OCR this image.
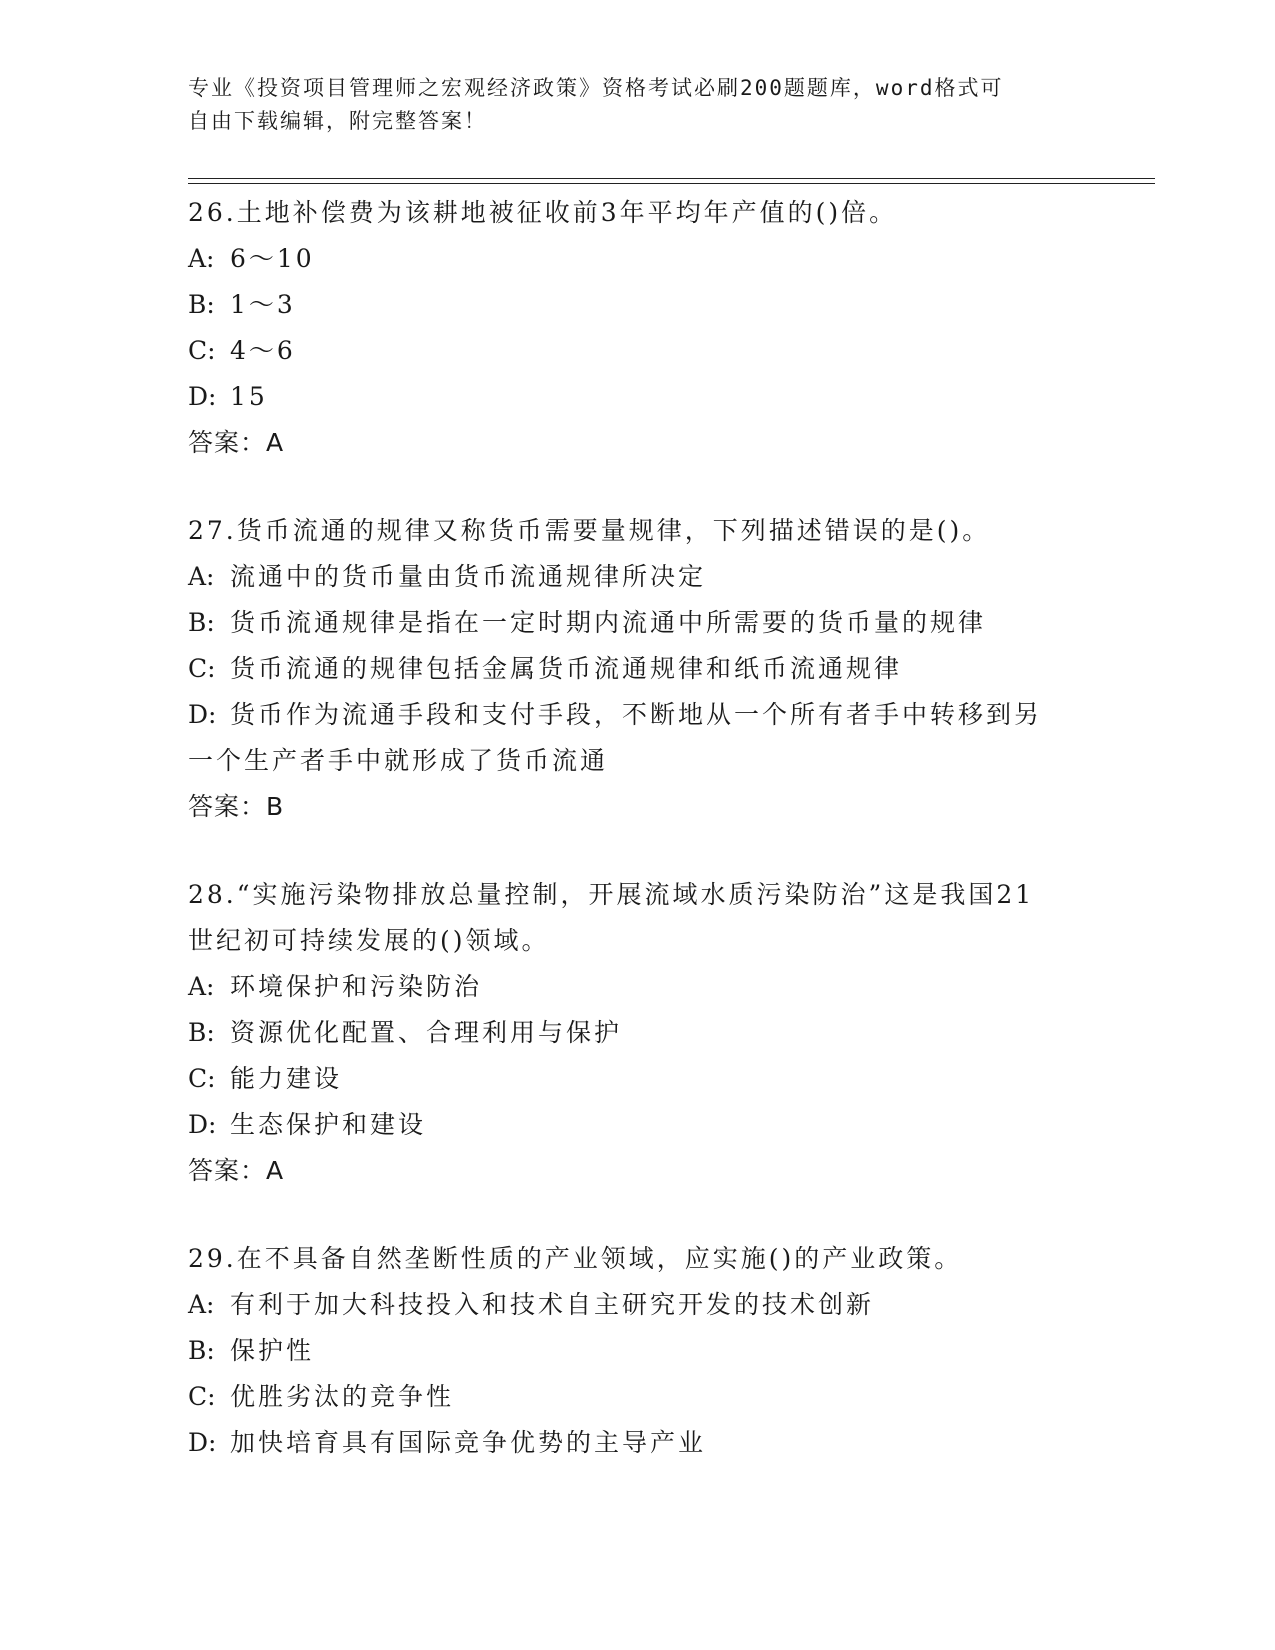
专业《投资项目管理师之宏观经济政策》资格考试必刷200题题库，word格式可
自由下载编辑，附完整答案！
26.土地补偿费为该耕地被征收前3年平均年产值的()倍。
A: 6～10
B: 1～3
C: 4～6
D: 15
答案：A
27.货币流通的规律又称货币需要量规律，下列描述错误的是()。
A: 流通中的货币量由货币流通规律所决定
B: 货币流通规律是指在一定时期内流通中所需要的货币量的规律
C: 货币流通的规律包括金属货币流通规律和纸币流通规律
D: 货币作为流通手段和支付手段，不断地从一个所有者手中转移到另
一个生产者手中就形成了货币流通
答案：B
28.“实施污染物排放总量控制，开展流域水质污染防治”这是我国21
世纪初可持续发展的()领域。
A: 环境保护和污染防治
B: 资源优化配置、合理利用与保护
C: 能力建设
D: 生态保护和建设
答案：A
29.在不具备自然垄断性质的产业领域，应实施()的产业政策。
A: 有利于加大科技投入和技术自主研究开发的技术创新
B: 保护性
C: 优胜劣汰的竞争性
D: 加快培育具有国际竞争优势的主导产业
